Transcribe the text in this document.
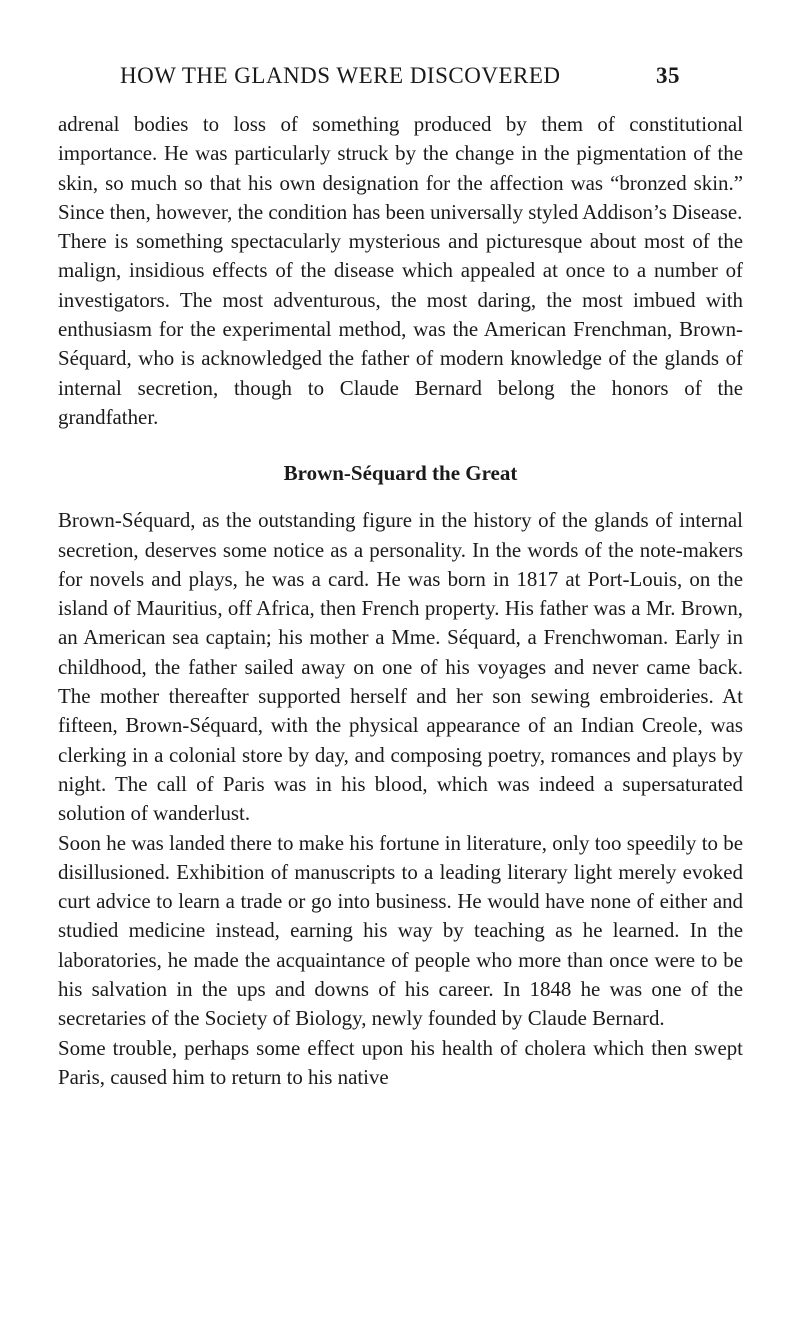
HOW THE GLANDS WERE DISCOVERED	35

adrenal bodies to loss of something produced by them of constitutional importance. He was particularly struck by the change in the pigmentation of the skin, so much so that his own designation for the affection was “bronzed skin.” Since then, however, the condition has been universally styled Addison’s Disease.

There is something spectacularly mysterious and picturesque about most of the malign, insidious effects of the disease which appealed at once to a number of investigators. The most adventurous, the most daring, the most imbued with enthusiasm for the experimental method, was the American Frenchman, Brown-Séquard, who is acknowledged the father of modern knowledge of the glands of internal secretion, though to Claude Bernard belong the honors of the grandfather.

Brown-Séquard the Great

Brown-Séquard, as the outstanding figure in the history of the glands of internal secretion, deserves some notice as a personality. In the words of the note-makers for novels and plays, he was a card. He was born in 1817 at Port-Louis, on the island of Mauritius, off Africa, then French property. His father was a Mr. Brown, an American sea captain; his mother a Mme. Séquard, a Frenchwoman. Early in childhood, the father sailed away on one of his voyages and never came back. The mother thereafter supported herself and her son sewing embroideries. At fifteen, Brown-Séquard, with the physical appearance of an Indian Creole, was clerking in a colonial store by day, and composing poetry, romances and plays by night. The call of Paris was in his blood, which was indeed a supersaturated solution of wanderlust.

Soon he was landed there to make his fortune in literature, only too speedily to be disillusioned. Exhibition of manuscripts to a leading literary light merely evoked curt advice to learn a trade or go into business. He would have none of either and studied medicine instead, earning his way by teaching as he learned. In the laboratories, he made the acquaintance of people who more than once were to be his salvation in the ups and downs of his career. In 1848 he was one of the secretaries of the Society of Biology, newly founded by Claude Bernard.

Some trouble, perhaps some effect upon his health of cholera which then swept Paris, caused him to return to his native
